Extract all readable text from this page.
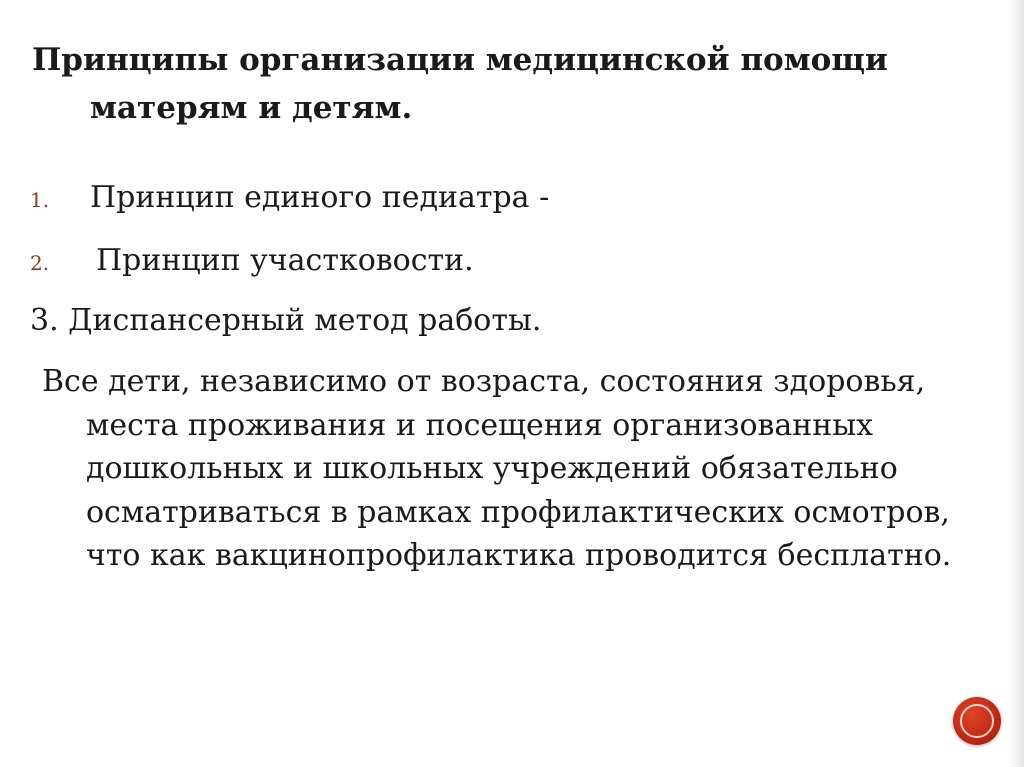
Принципы организации медицинской помощи матерям и детям.
1. Принцип единого педиатра -
2. Принцип участковости.
3. Диспансерный метод работы.

Все дети, независимо от возраста, состояния здоровья, места проживания и посещения организованных дошкольных и школьных учреждений обязательно осматриваться в рамках профилактических осмотров, что как вакцинопрофилактика проводится бесплатно.
